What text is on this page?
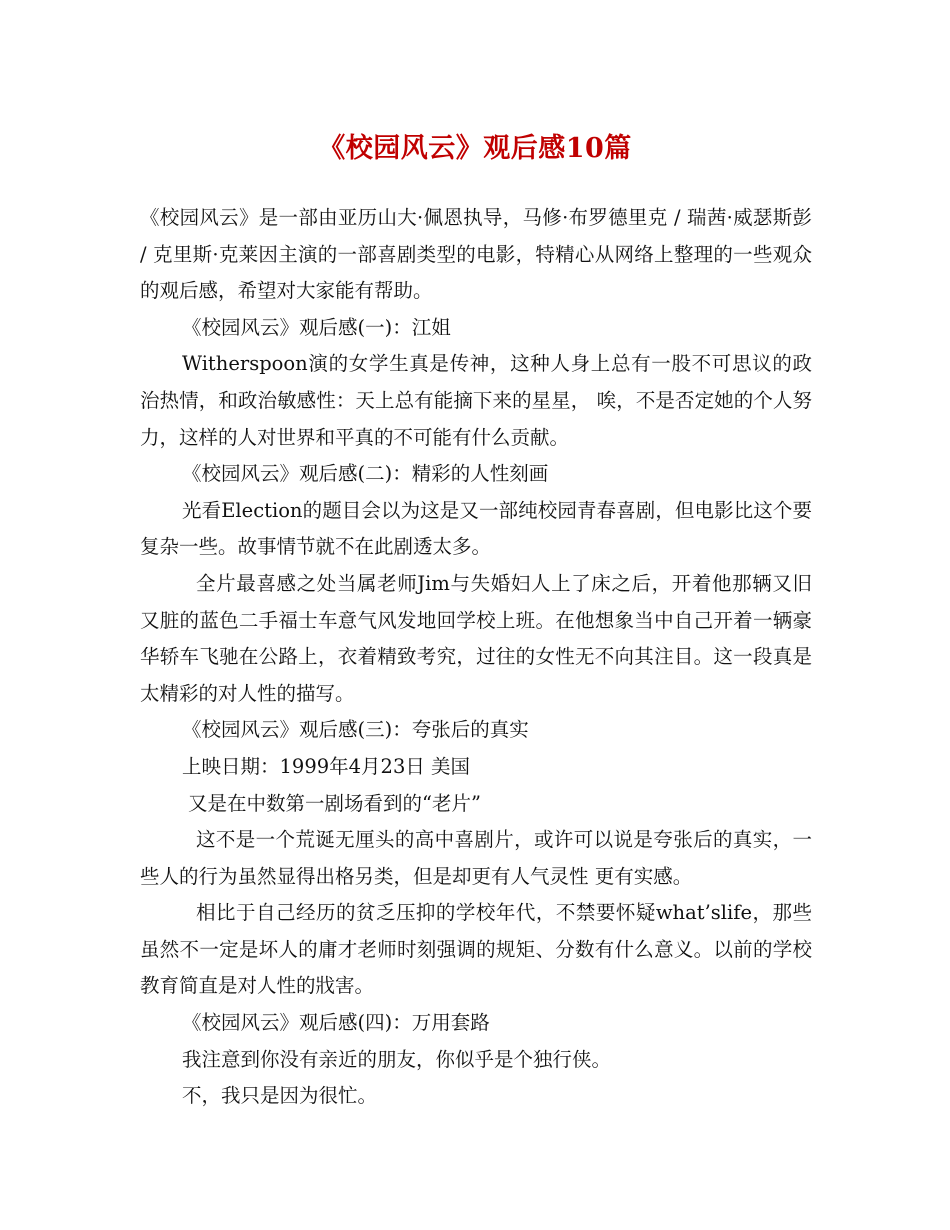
《校园风云》观后感10篇

《校园风云》是一部由亚历山大·佩恩执导，马修·布罗德里克 / 瑞茜·威瑟斯彭 / 克里斯·克莱因主演的一部喜剧类型的电影，特精心从网络上整理的一些观众的观后感，希望对大家能有帮助。

《校园风云》观后感(一)：江姐

Witherspoon演的女学生真是传神，这种人身上总有一股不可思议的政治热情，和政治敏感性：天上总有能摘下来的星星， 唉，不是否定她的个人努力，这样的人对世界和平真的不可能有什么贡献。

《校园风云》观后感(二)：精彩的人性刻画

光看Election的题目会以为这是又一部纯校园青春喜剧，但电影比这个要复杂一些。故事情节就不在此剧透太多。

全片最喜感之处当属老师Jim与失婚妇人上了床之后，开着他那辆又旧又脏的蓝色二手福士车意气风发地回学校上班。在他想象当中自己开着一辆豪华轿车飞驰在公路上，衣着精致考究，过往的女性无不向其注目。这一段真是太精彩的对人性的描写。

《校园风云》观后感(三)：夸张后的真实

上映日期：1999年4月23日 美国

又是在中数第一剧场看到的“老片”

这不是一个荒诞无厘头的高中喜剧片，或许可以说是夸张后的真实，一些人的行为虽然显得出格另类，但是却更有人气灵性 更有实感。

相比于自己经历的贫乏压抑的学校年代，不禁要怀疑what’slife，那些虽然不一定是坏人的庸才老师时刻强调的规矩、分数有什么意义。以前的学校教育简直是对人性的戕害。

《校园风云》观后感(四)：万用套路

我注意到你没有亲近的朋友，你似乎是个独行侠。

不，我只是因为很忙。
